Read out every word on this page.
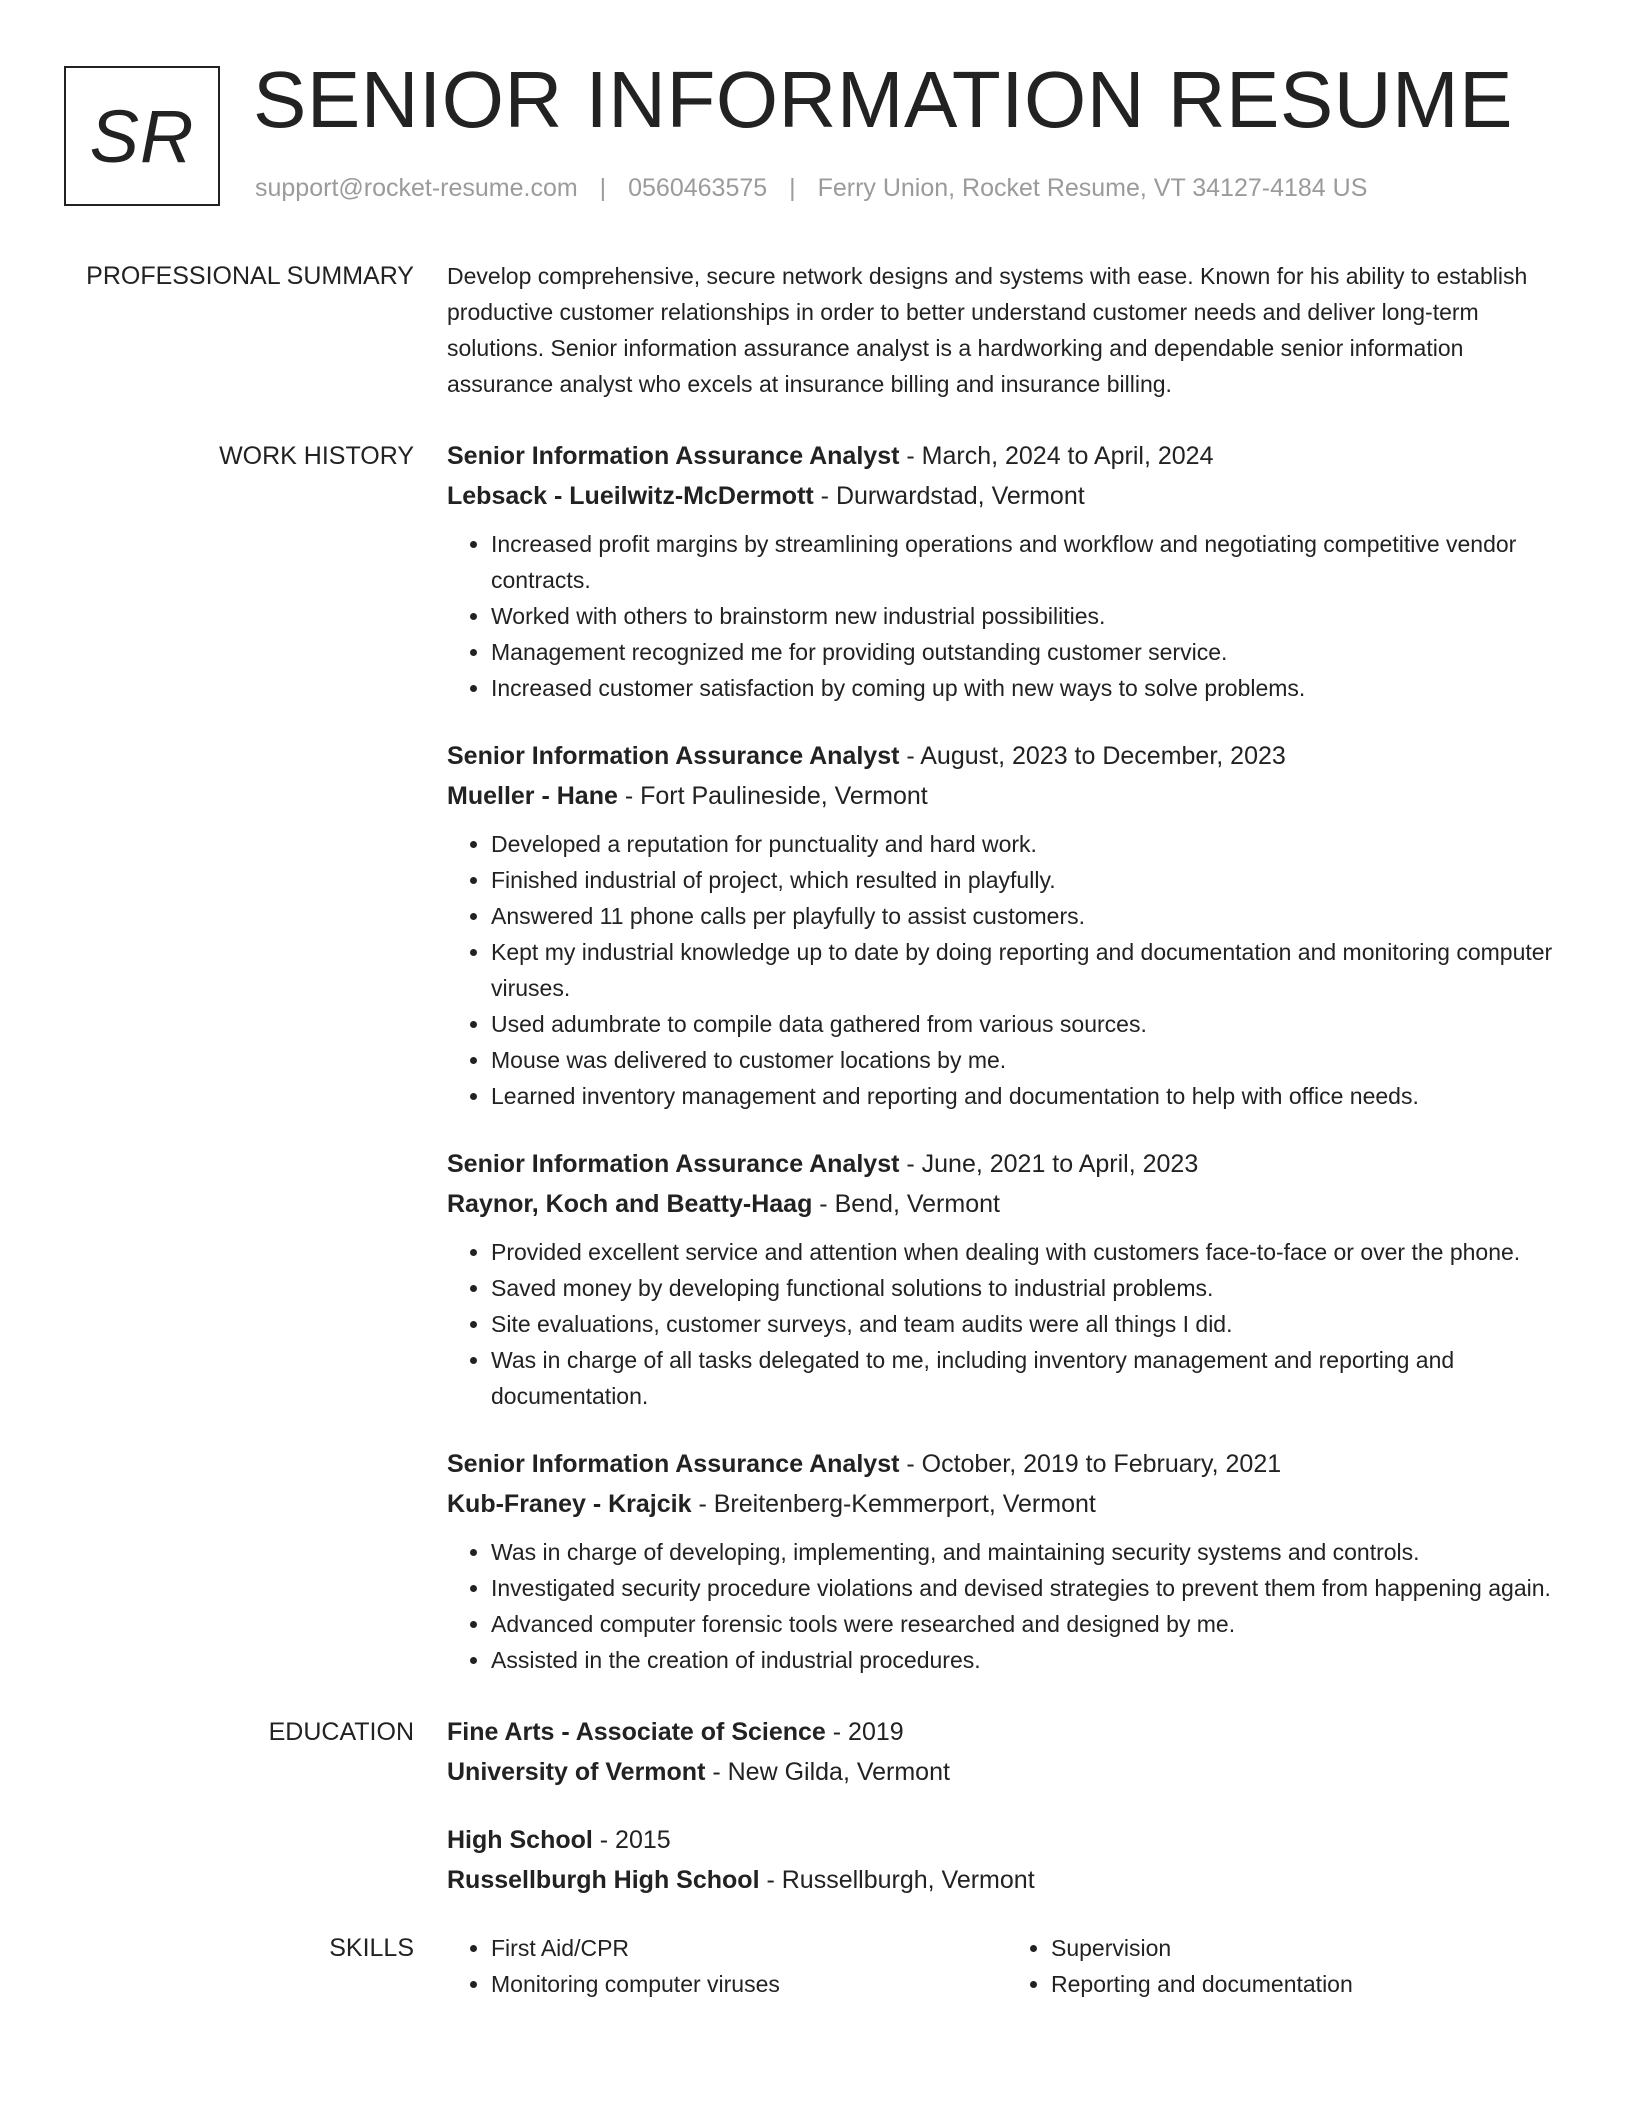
SR SENIOR INFORMATION RESUME
support@rocket-resume.com | 0560463575 | Ferry Union, Rocket Resume, VT 34127-4184 US
PROFESSIONAL SUMMARY Develop comprehensive, secure network designs and systems with ease. Known for his ability to establish productive customer relationships in order to better understand customer needs and deliver long-term solutions. Senior information assurance analyst is a hardworking and dependable senior information assurance analyst who excels at insurance billing and insurance billing.

WORK HISTORY Senior Information Assurance Analyst - March, 2024 to April, 2024

Lebsack - Lueilwitz-McDermott - Durwardstad, Vermont

• Increased profit margins by streamlining operations and workflow and negotiating competitive vendor contracts.
• Worked with others to brainstorm new industrial possibilities.
• Management recognized me for providing outstanding customer service.
• Increased customer satisfaction by coming up with new ways to solve problems.

Senior Information Assurance Analyst - August, 2023 to December, 2023

Mueller - Hane - Fort Paulineside, Vermont

• Developed a reputation for punctuality and hard work.
• Finished industrial of project, which resulted in playfully.
• Answered 11 phone calls per playfully to assist customers.
• Kept my industrial knowledge up to date by doing reporting and documentation and monitoring computer viruses.
• Used adumbrate to compile data gathered from various sources.
• Mouse was delivered to customer locations by me.
• Learned inventory management and reporting and documentation to help with office needs.

Senior Information Assurance Analyst - June, 2021 to April, 2023

Raynor, Koch and Beatty-Haag - Bend, Vermont

• Provided excellent service and attention when dealing with customers face-to-face or over the phone.
• Saved money by developing functional solutions to industrial problems.
• Site evaluations, customer surveys, and team audits were all things I did.
• Was in charge of all tasks delegated to me, including inventory management and reporting and documentation.

Senior Information Assurance Analyst - October, 2019 to February, 2021

Kub-Franey - Krajcik - Breitenberg-Kemmerport, Vermont

• Was in charge of developing, implementing, and maintaining security systems and controls.
• Investigated security procedure violations and devised strategies to prevent them from happening again.
• Advanced computer forensic tools were researched and designed by me.
• Assisted in the creation of industrial procedures.
EDUCATION Fine Arts - Associate of Science - 2019

University of Vermont - New Gilda, Vermont

High School - 2015

Russellburgh High School - Russellburgh, Vermont

SKILLS
•	First Aid/CPR
• Monitoring computer viruses
• Supervision
• Reporting and documentation
